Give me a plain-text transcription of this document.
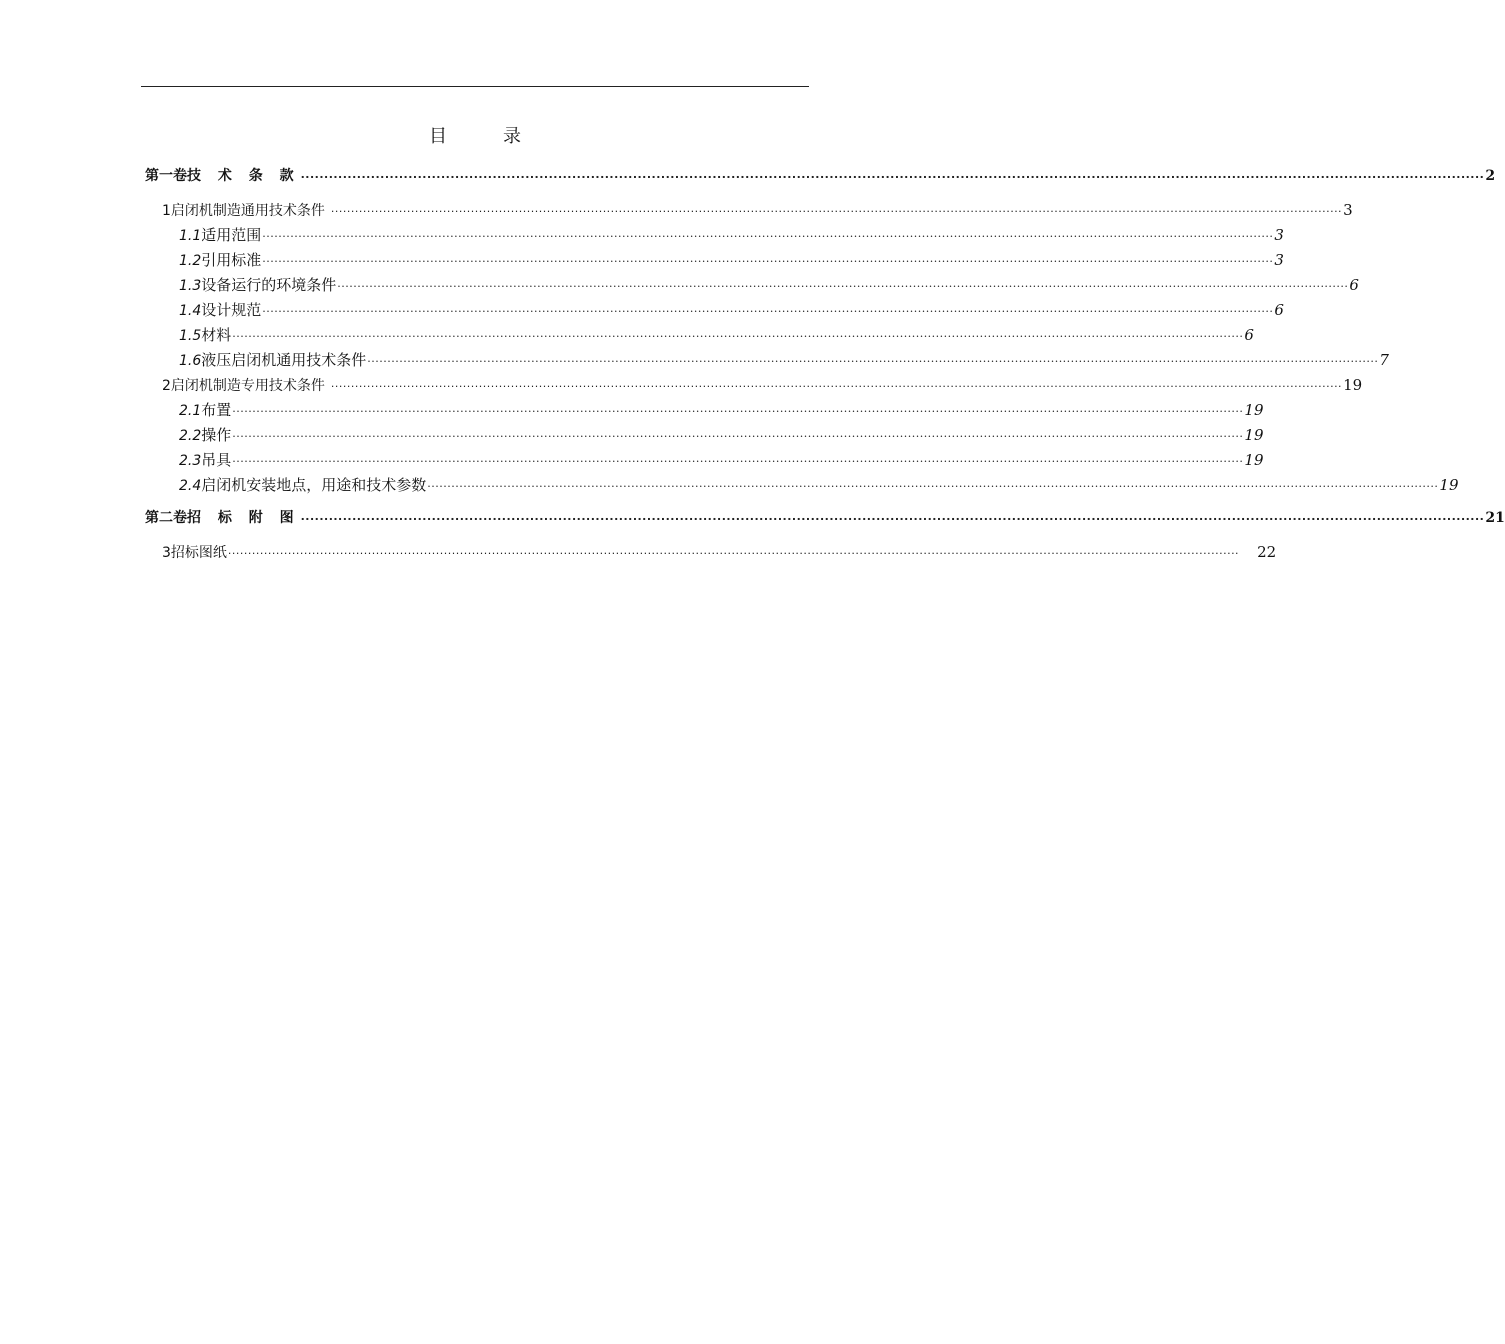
目	录
第一卷 技 术 条 款 ............................................................................................................................................................................................................................................................. 2
1 启闭机制造通用技术条件 ............................................................................................................................................................................................................................................................. 3
1.1 适用范围 ............................................................................................................................................................................................................................................................. 3
1.2 引用标准 ............................................................................................................................................................................................................................................................. 3
1.3 设备运行的环境条件 ............................................................................................................................................................................................................................................................. 6
1.4 设计规范 ............................................................................................................................................................................................................................................................. 6
1.5 材料 ............................................................................................................................................................................................................................................................. 6
1.6 液压启闭机通用技术条件 ............................................................................................................................................................................................................................................................. 7
2 启闭机制造专用技术条件 ............................................................................................................................................................................................................................................................. 19
2.1 布置 ............................................................................................................................................................................................................................................................. 19
2.2 操作 ............................................................................................................................................................................................................................................................. 19
2.3 吊具 ............................................................................................................................................................................................................................................................. 19
2.4 启闭机安装地点，用途和技术参数 ............................................................................................................................................................................................................................................................. 19
第二卷 招 标 附 图 ............................................................................................................................................................................................................................................................. 21
3 招标图纸 ............................................................................................................................................................................................................................................................. 22
